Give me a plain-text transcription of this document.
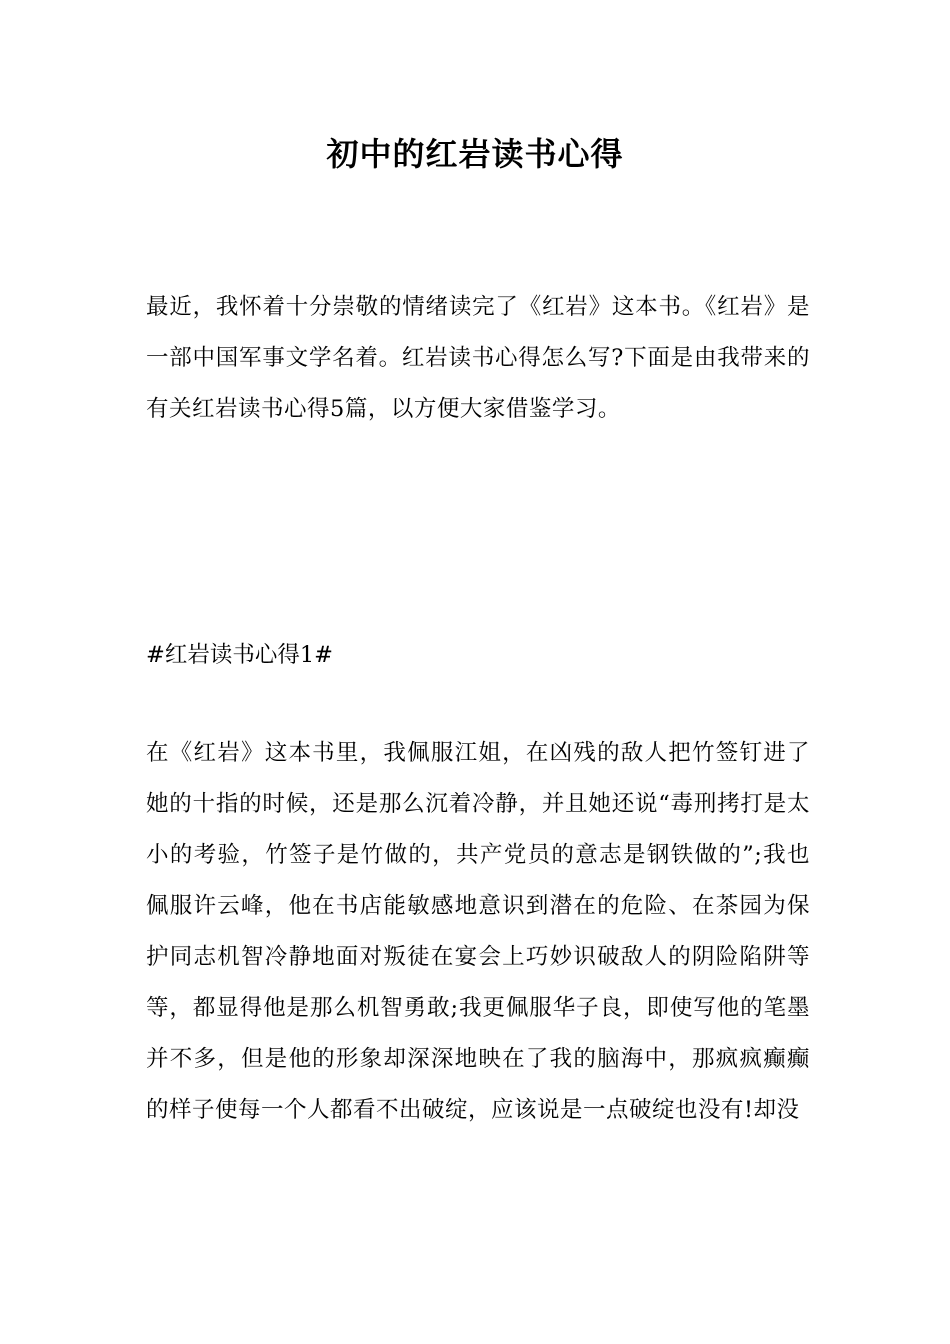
初中的红岩读书心得

最近，我怀着十分崇敬的情绪读完了《红岩》这本书。《红岩》是一部中国军事文学名着。红岩读书心得怎么写?下面是由我带来的有关红岩读书心得5篇，以方便大家借鉴学习。

#红岩读书心得1#

在《红岩》这本书里，我佩服江姐，在凶残的敌人把竹签钉进了她的十指的时候，还是那么沉着冷静，并且她还说“毒刑拷打是太小的考验，竹签子是竹做的，共产党员的意志是钢铁做的”;我也佩服许云峰，他在书店能敏感地意识到潜在的危险、在茶园为保护同志机智冷静地面对叛徒在宴会上巧妙识破敌人的阴险陷阱等等，都显得他是那么机智勇敢;我更佩服华子良，即使写他的笔墨并不多，但是他的形象却深深地映在了我的脑海中，那疯疯癫癫的样子使每一个人都看不出破绽，应该说是一点破绽也没有!却没
